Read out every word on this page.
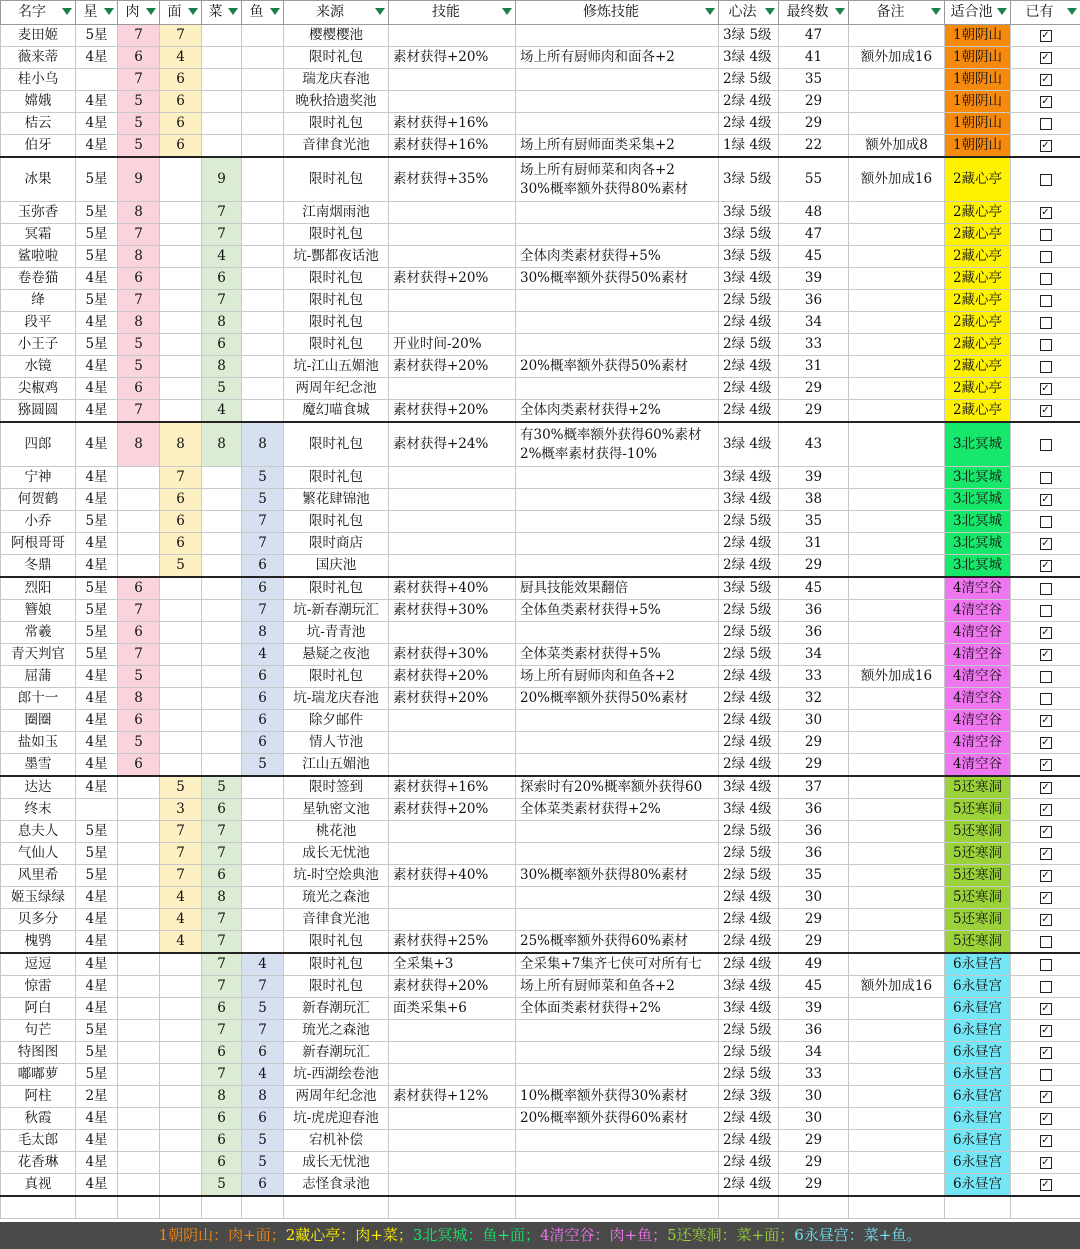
名字	星	肉	面	菜	鱼	来源	技能	修炼技能	心法	最终数	备注	适合池	已有

麦田姬	5星	7	7			樱樱樱池			3绿 5级	47		1朝阴山	✓
薇来蒂	4星	6	4			限时礼包	素材获得+20%	场上所有厨师肉和面各+2	3绿 4级	41	额外加成16	1朝阴山	✓
桂小乌		7	6			瑞龙庆春池			2绿 5级	35		1朝阴山	✓
嫦娥	4星	5	6			晚秋拾遗奖池			2绿 4级	29		1朝阴山	✓
桔云	4星	5	6			限时礼包	素材获得+16%		2绿 4级	29		1朝阴山	
伯牙	4星	5	6			音律食光池	素材获得+16%	场上所有厨师面类采集+2	1绿 4级	22	额外加成8	1朝阴山	✓
冰果	5星	9		9		限时礼包	素材获得+35%	场上所有厨师菜和肉各+2
30%概率额外获得80%素材	3绿 5级	55	额外加成16	2藏心亭	
玉弥香	5星	8		7		江南烟雨池			3绿 5级	48		2藏心亭	✓
冥霜	5星	7		7		限时礼包			3绿 5级	47		2藏心亭	
鲨啦啦	5星	8		4		坑-酆都夜话池		全体肉类素材获得+5%	3绿 5级	45		2藏心亭	
卷卷猫	4星	6		6		限时礼包	素材获得+20%	30%概率额外获得50%素材	3绿 4级	39		2藏心亭	
绛	5星	7		7		限时礼包			2绿 5级	36		2藏心亭	
段平	4星	8		8		限时礼包			2绿 4级	34		2藏心亭	
小王子	5星	5		6		限时礼包	开业时间-20%		2绿 5级	33		2藏心亭	
水镜	4星	5		8		坑-江山五媚池	素材获得+20%	20%概率额外获得50%素材	2绿 4级	31		2藏心亭	
尖椒鸡	4星	6		5		两周年纪念池			2绿 4级	29		2藏心亭	✓
猕圆圆	4星	7		4		魔幻喵食城	素材获得+20%	全体肉类素材获得+2%	2绿 4级	29		2藏心亭	✓
四郎	4星	8	8	8	8	限时礼包	素材获得+24%	有30%概率额外获得60%素材
2%概率素材获得-10%	3绿 4级	43		3北冥城	
宁神	4星		7		5	限时礼包			3绿 4级	39		3北冥城	
何贺鹤	4星		6		5	繁花肆锦池			3绿 4级	38		3北冥城	✓
小乔	5星		6		7	限时礼包			2绿 5级	35		3北冥城	
阿根哥哥	4星		6		7	限时商店			2绿 4级	31		3北冥城	✓
冬鼎	4星		5		6	国庆池			2绿 4级	29		3北冥城	✓
烈阳	5星	6			6	限时礼包	素材获得+40%	厨具技能效果翻倍	3绿 5级	45		4清空谷	
簪娘	5星	7			7	坑-新春潮玩汇	素材获得+30%	全体鱼类素材获得+5%	2绿 5级	36		4清空谷	
常羲	5星	6			8	坑-青青池			2绿 5级	36		4清空谷	✓
青天判官	5星	7			4	悬疑之夜池	素材获得+30%	全体菜类素材获得+5%	2绿 5级	34		4清空谷	✓
屈蒲	4星	5			6	限时礼包	素材获得+20%	场上所有厨师肉和鱼各+2	2绿 4级	33	额外加成16	4清空谷	
郎十一	4星	8			6	坑-瑞龙庆春池	素材获得+20%	20%概率额外获得50%素材	2绿 4级	32		4清空谷	
圈圈	4星	6			6	除夕邮件			2绿 4级	30		4清空谷	✓
盐如玉	4星	5			6	情人节池			2绿 4级	29		4清空谷	✓
墨雪	4星	6			5	江山五媚池			2绿 4级	29		4清空谷	✓
达达	4星		5	5		限时签到	素材获得+16%	探索时有20%概率额外获得60	3绿 4级	37		5还寒洞	✓
终末			3	6		星轨密文池	素材获得+20%	全体菜类素材获得+2%	3绿 4级	36		5还寒洞	✓
息夫人	5星		7	7		桃花池			2绿 5级	36		5还寒洞	✓
气仙人	5星		7	7		成长无忧池			2绿 5级	36		5还寒洞	✓
风里希	5星		7	6		坑-时空烩典池	素材获得+40%	30%概率额外获得80%素材	2绿 5级	35		5还寒洞	✓
姬玉绿绿	4星		4	8		琉光之森池			2绿 4级	30		5还寒洞	✓
贝多分	4星		4	7		音律食光池			2绿 4级	29		5还寒洞	✓
槐鸮	4星		4	7		限时礼包	素材获得+25%	25%概率额外获得60%素材	2绿 4级	29		5还寒洞	
逗逗	4星			7	4	限时礼包	全采集+3	全采集+7集齐七侠可对所有七	2绿 4级	49		6永昼宫	
惊雷	4星			7	7	限时礼包	素材获得+20%	场上所有厨师菜和鱼各+2	3绿 4级	45	额外加成16	6永昼宫	
阿白	4星			6	5	新春潮玩汇	面类采集+6	全体面类素材获得+2%	3绿 4级	39		6永昼宫	✓
句芒	5星			7	7	琉光之森池			2绿 5级	36		6永昼宫	✓
特图图	5星			6	6	新春潮玩汇			2绿 5级	34		6永昼宫	✓
嘟嘟萝	5星			7	4	坑-西湖绘卷池			2绿 5级	33		6永昼宫	
阿柱	2星			8	8	两周年纪念池	素材获得+12%	10%概率额外获得30%素材	2绿 3级	30		6永昼宫	✓
秋霞	4星			6	6	坑-虎虎迎春池		20%概率额外获得60%素材	2绿 4级	30		6永昼宫	✓
毛太郎	4星			6	5	宕机补偿			2绿 4级	29		6永昼宫	✓
花香琳	4星			6	5	成长无忧池			2绿 4级	29		6永昼宫	✓
真视	4星			5	6	志怪食录池			2绿 4级	29		6永昼宫	✓

1朝阴山：肉+面；2藏心亭：肉+菜；3北冥城：鱼+面；4清空谷：肉+鱼；5还寒洞：菜+面；6永昼宫：菜+鱼。
